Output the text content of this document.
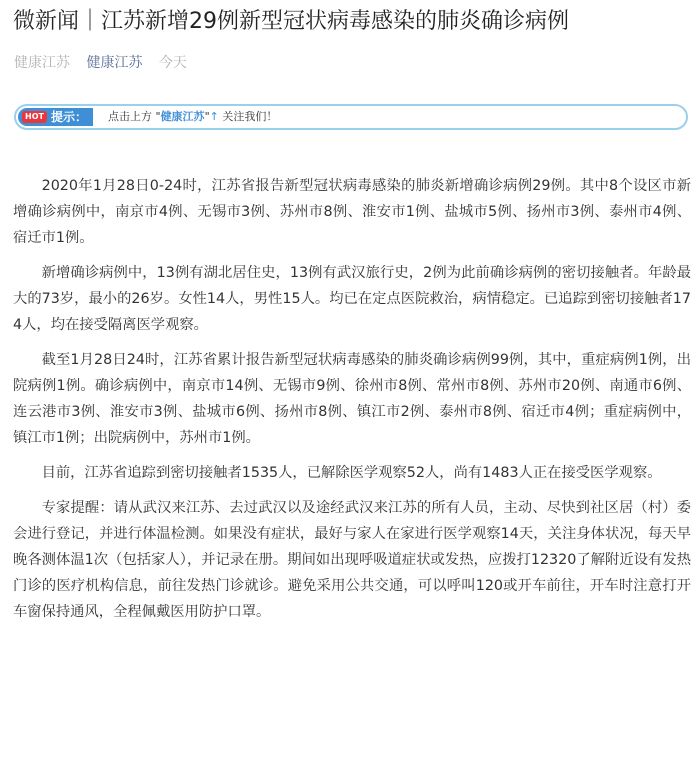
微新闻｜江苏新增29例新型冠状病毒感染的肺炎确诊病例
健康江苏 健康江苏 今天
HOT 提示：	点击上方 "健康江苏"↑ 关注我们！

2020年1月28日0-24时，江苏省报告新型冠状病毒感染的肺炎新增确诊病例29例。其中8个设区市新增确诊病例中，南京市4例、无锡市3例、苏州市8例、淮安市1例、盐城市5例、扬州市3例、泰州市4例、宿迁市1例。

新增确诊病例中，13例有湖北居住史，13例有武汉旅行史，2例为此前确诊病例的密切接触者。年龄最大的73岁，最小的26岁。女性14人，男性15人。均已在定点医院救治，病情稳定。已追踪到密切接触者174人，均在接受隔离医学观察。

截至1月28日24时，江苏省累计报告新型冠状病毒感染的肺炎确诊病例99例，其中，重症病例1例，出院病例1例。确诊病例中，南京市14例、无锡市9例、徐州市8例、常州市8例、苏州市20例、南通市6例、连云港市3例、淮安市3例、盐城市6例、扬州市8例、镇江市2例、泰州市8例、宿迁市4例；重症病例中，镇江市1例；出院病例中，苏州市1例。

目前，江苏省追踪到密切接触者1535人，已解除医学观察52人，尚有1483人正在接受医学观察。

专家提醒：请从武汉来江苏、去过武汉以及途经武汉来江苏的所有人员，主动、尽快到社区居（村）委会进行登记，并进行体温检测。如果没有症状，最好与家人在家进行医学观察14天，关注身体状况，每天早晚各测体温1次（包括家人），并记录在册。期间如出现呼吸道症状或发热，应拨打12320了解附近设有发热门诊的医疗机构信息，前往发热门诊就诊。避免采用公共交通，可以呼叫120或开车前往，开车时注意打开车窗保持通风，全程佩戴医用防护口罩。
